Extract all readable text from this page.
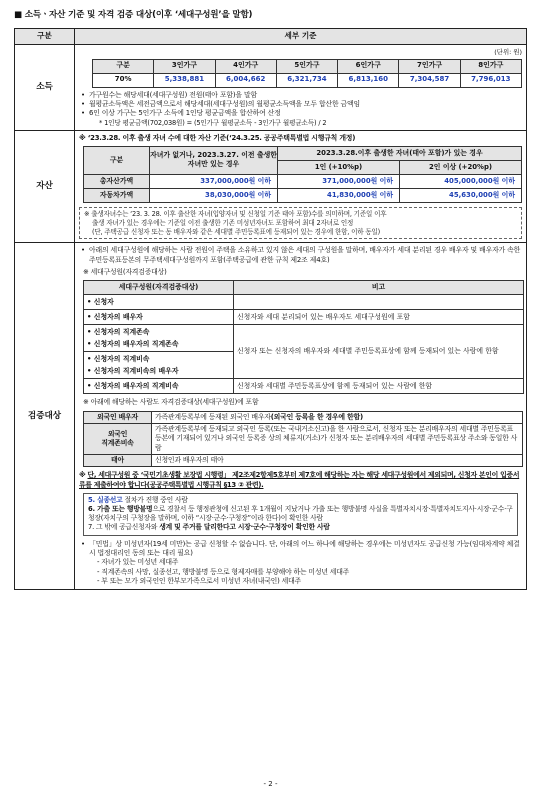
■ 소득ㆍ자산 기준 및 자격 검증 대상(이후 ‘세대구성원’을 말함)
구분	세부 기준
소득	
(단위: 원)
구분	3인가구	4인가구	5인가구	6인가구	7인가구	8인가구
70%	5,338,881	6,004,662	6,321,734	6,813,160	7,304,587	7,796,013
• 가구원수는 해당세대(세대구성원) 전원(태아 포함)을 말함
• 월평균소득액은 세전금액으로서 해당세대(세대구성원)의 월평균소득액을 모두 합산한 금액임
• 6인 이상 가구는 5인가구 소득에 1인당 평균금액을 합산하여 산정
* 1인당 평균금액(702,038원) = (5인가구 월평균소득 - 3인가구 월평균소득) / 2

자산	
※ ‘23.3.28. 이후 출생 자녀 수에 대한 자산 기준(‘24.3.25. 공공주택특별법 시행규칙 개정)
구분	자녀가 없거나, 2023.3.27. 이전 출생한 자녀만 있는 경우	2023.3.28.이후 출생한 자녀(태아 포함)가 있는 경우
1인 (+10%p)	2인 이상 (+20%p)
총자산가액	337,000,000원 이하	371,000,000원 이하	405,000,000원 이하
자동차가액	38,030,000원 이하	41,830,000원 이하	45,630,000원 이하
※ 출생자녀수는 ‘23. 3. 28. 이후 출산한 자녀(입양자녀 및 신청일 기준 태아 포함)수를 의미하며, 기준일 이후
출생 자녀가 있는 경우에는 기준일 이전 출생한 기존 미성년자녀도 포함하여 최대 2자녀로 인정
(단, 주택공급 신청자 또는 동 배우자와 같은 세대별 주민등록표에 등재되어 있는 경우에 한함, 이하 동일)

검증대상	
• 아래의 세대구성원에 해당하는 사람 전원이 주택을 소유하고 있지 않은 세대의 구성원을 말하며, 배우자가 세대 분리된 경우 배우자 및 배우자가 속한 주민등록표등본의 무주택세대구성원까지 포함(주택공급에 관한 규칙 제2조 제4호)
※ 세대구성원(자격검증대상)
세대구성원(자격검증대상)	비고

• 신청자

• 신청자의 배우자	신청자와 세대 분리되어 있는 배우자도 세대구성원에 포함

• 신청자의 직계존속
• 신청자의 배우자의 직계존속
	신청자 또는 신청자의 배우자와 세대별 주민등록표상에 함께 등재되어 있는 사람에 한함

• 신청자의 직계비속
• 신청자의 직계비속의 배우자

• 신청자의 배우자의 직계비속	신청자와 세대별 주민등록표상에 함께 등재되어 있는 사람에 한함
※ 아래에 해당하는 사람도 자격검증대상(세대구성원)에 포함
외국인 배우자	가족관계등록부에 등재된 외국인 배우자(외국인 등록을 한 경우에 한함)

외국인
직계존비속
	가족관계등록부에 등재되고 외국인 등록(또는 국내거소신고)을 한 사람으로서, 신청자 또는 분리배우자의 세대별 주민등록표등본에 기재되어 있거나 외국인 등록증 상의 체류지(거소)가 신청자 또는 분리배우자의 세대별 주민등록표상 주소와 동일한 사람
태아	신청인과 배우자의 태아
※ 단, 세대구성원 중 ‘국민기초생활 보장법 시행령」 제2조제2항제5호부터 제7호에 해당하는 자는 해당 세대구성원에서 제외되며, 신청자 본인이 입증서류를 제출하여야 합니다(공공주택특별법 시행규칙 §13 ② 관련).
5. 실종선고 절차가 진행 중인 사람
6. 가출 또는 행방불명으로 경찰서 등 행정관청에 신고된 후 1개월이 지났거나 가출 또는 행방불명 사실을 특별자치시장·특별자치도지사·시장·군수·구청장(자치구의 구청장을 말하며, 이하 “시장·군수·구청장”이라 한다)이 확인한 사람
7. 그 밖에 공급신청자와 생계 및 주거를 달리한다고 시장·군수·구청장이 확인한 사람
• 「민법」상 미성년자(19세 미만)는 공급 신청할 수 없습니다. 단, 아래의 어느 하나에 해당하는 경우에는 미성년자도 공급신청 가능(임대차계약 체결 시 법정대리인 동의 또는 대리 필요)
- 자녀가 있는 미성년 세대주
- 직계존속의 사망, 실종선고, 행방불명 등으로 형제자매를 부양해야 하는 미성년 세대주
- 부 또는 모가 외국인인 한부모가족으로서 미성년 자녀(내국인) 세대주
- 2 -
